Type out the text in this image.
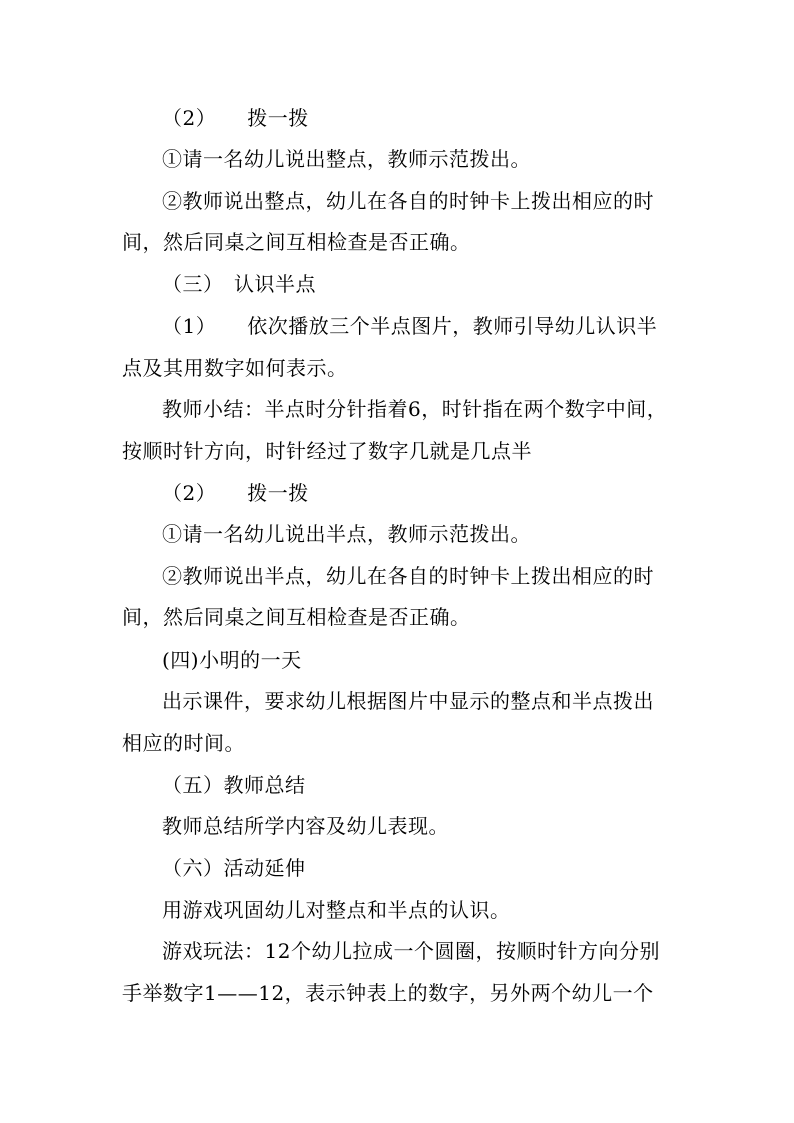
（2）　　拨一拨
①请一名幼儿说出整点，教师示范拨出。
②教师说出整点，幼儿在各自的时钟卡上拨出相应的时
间，然后同桌之间互相检查是否正确。
（三）　认识半点
（1）　　依次播放三个半点图片，教师引导幼儿认识半
点及其用数字如何表示。
教师小结：半点时分针指着6，时针指在两个数字中间，
按顺时针方向，时针经过了数字几就是几点半
（2）　　拨一拨
①请一名幼儿说出半点，教师示范拨出。
②教师说出半点，幼儿在各自的时钟卡上拨出相应的时
间，然后同桌之间互相检查是否正确。
(四)小明的一天
出示课件，要求幼儿根据图片中显示的整点和半点拨出
相应的时间。
（五）教师总结
教师总结所学内容及幼儿表现。
（六）活动延伸
用游戏巩固幼儿对整点和半点的认识。
游戏玩法：12个幼儿拉成一个圆圈，按顺时针方向分别
手举数字1——12，表示钟表上的数字，另外两个幼儿一个
